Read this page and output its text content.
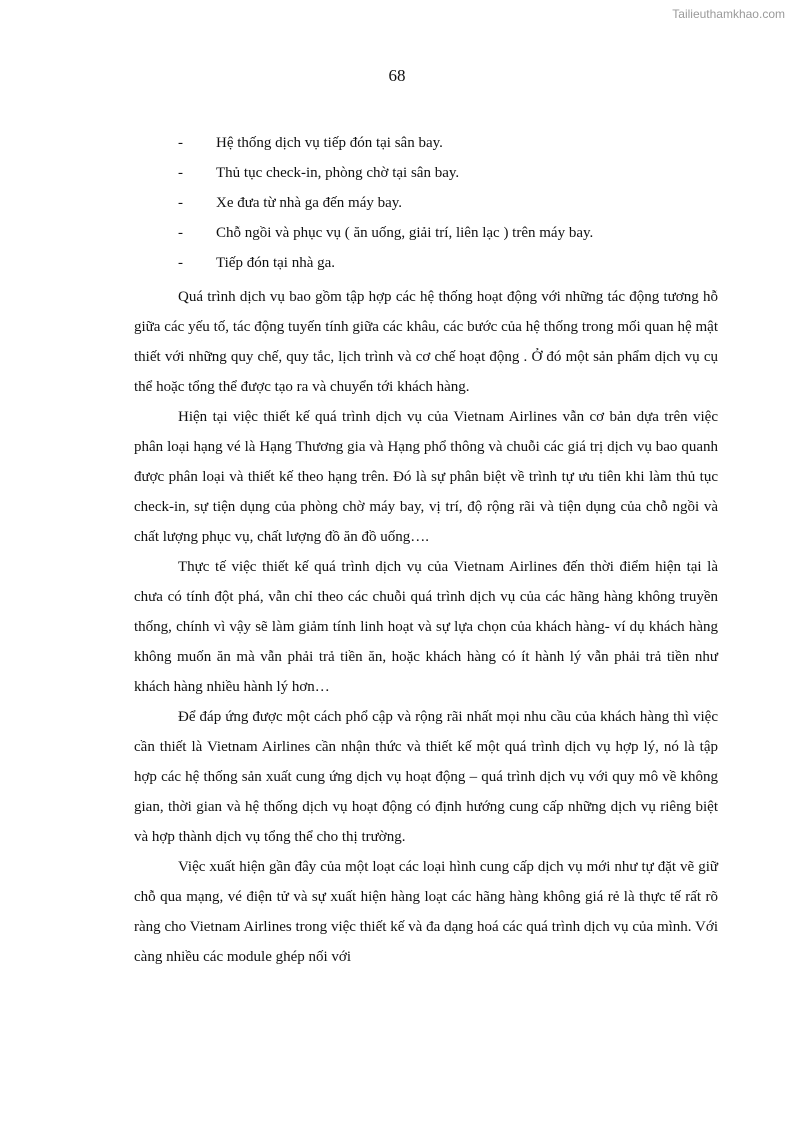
Tailieuthamkhao.com
68
-	Hệ thống dịch vụ tiếp đón tại sân bay.
-	Thủ tục check-in, phòng chờ tại sân bay.
-	Xe đưa từ nhà ga đến máy bay.
-	Chỗ ngồi và phục vụ ( ăn uống, giải trí, liên lạc ) trên máy bay.
-	Tiếp đón tại nhà ga.

Quá trình dịch vụ bao gồm tập hợp các hệ thống hoạt động với những tác động tương hỗ giữa các yếu tố, tác động tuyến tính giữa các khâu, các bước của hệ thống trong mối quan hệ mật thiết với những quy chế, quy tắc, lịch trình và cơ chế hoạt động . Ở đó một sản phẩm dịch vụ cụ thể hoặc tổng thể được tạo ra và chuyển tới khách hàng.

Hiện tại việc thiết kế quá trình dịch vụ của Vietnam Airlines vẫn cơ bản dựa trên việc phân loại hạng vé là Hạng Thương gia và Hạng phổ thông và chuỗi các giá trị dịch vụ bao quanh được phân loại và thiết kế theo hạng trên. Đó là sự phân biệt về trình tự ưu tiên khi làm thủ tục check-in, sự tiện dụng của phòng chờ máy bay, vị trí, độ rộng rãi và tiện dụng của chỗ ngồi và chất lượng phục vụ, chất lượng đồ ăn đồ uống….

Thực tế việc thiết kế quá trình dịch vụ của Vietnam Airlines đến thời điểm hiện tại là chưa có tính đột phá, vẫn chỉ theo các chuỗi quá trình dịch vụ của các hãng hàng không truyền thống, chính vì vậy sẽ làm giảm tính linh hoạt và sự lựa chọn của khách hàng- ví dụ khách hàng không muốn ăn mà vẫn phải trả tiền ăn, hoặc khách hàng có ít hành lý vẫn phải trả tiền như khách hàng nhiều hành lý hơn…

Để đáp ứng được một cách phổ cập và rộng rãi nhất mọi nhu cầu của khách hàng thì việc cần thiết là Vietnam Airlines cần nhận thức và thiết kế một quá trình dịch vụ hợp lý, nó là tập hợp các hệ thống sản xuất cung ứng dịch vụ hoạt động – quá trình dịch vụ với quy mô về không gian, thời gian và hệ thống dịch vụ hoạt động có định hướng cung cấp những dịch vụ riêng biệt và hợp thành dịch vụ tổng thể cho thị trường.

Việc xuất hiện gần đây của một loạt các loại hình cung cấp dịch vụ mới như tự đặt vẽ giữ chỗ qua mạng, vé điện tử và sự xuất hiện hàng loạt các hãng hàng không giá rẻ là thực tế rất rõ ràng cho Vietnam Airlines trong việc thiết kế và đa dạng hoá các quá trình dịch vụ của mình. Với càng nhiều các module ghép nối với
